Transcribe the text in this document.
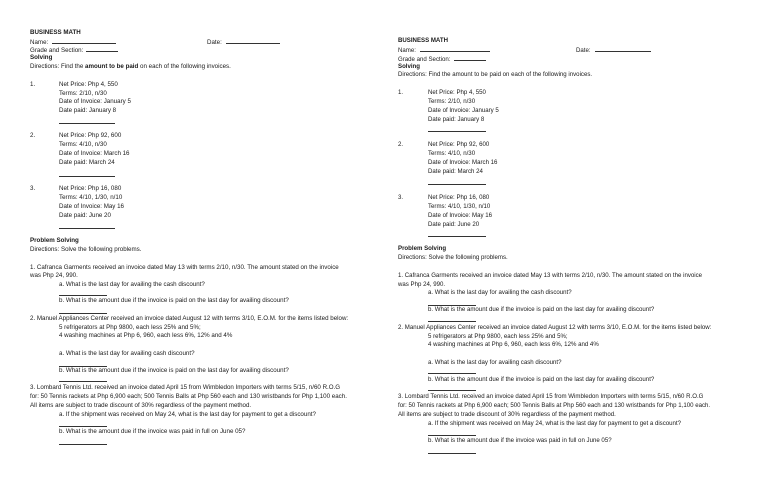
BUSINESS MATH
Name:	Date:
Grade and Section:
Solving
Directions: Find the amount to be paid on each of the following invoices.
1.	Net Price: Php 4, 550
Terms: 2/10, n/30
Date of Invoice: January 5
Date paid: January 8
2.	Net Price: Php 92, 600
Terms: 4/10, n/30
Date of Invoice: March 16
Date paid: March 24
3.	Net Price: Php 16, 080
Terms: 4/10, 1/30, n/10
Date of Invoice: May 16
Date paid: June 20
Problem Solving
Directions: Solve the following problems.
1. Cafranca Garments received an invoice dated May 13 with terms 2/10, n/30. The amount stated on the invoice
was Php 24, 990.
a. What is the last day for availing the cash discount?
b. What is the amount due if the invoice is paid on the last day for availing discount?
2. Manuel Appliances Center received an invoice dated August 12 with terms 3/10, E.O.M. for the items listed below:
5 refrigerators at Php 9800, each less 25% and 5%;
4 washing machines at Php 6, 960, each less 6%, 12% and 4%
a. What is the last day for availing cash discount?
b. What is the amount due if the invoice is paid on the last day for availing discount?
3. Lombard Tennis Ltd. received an invoice dated April 15 from Wimbledon Importers with terms 5/15, n/60 R.O.G
for: 50 Tennis rackets at Php 6,900 each; 500 Tennis Balls at Php 560 each and 130 wristbands for Php 1,100 each.
All items are subject to trade discount of 30% regardless of the payment method.
a. If the shipment was received on May 24, what is the last day for payment to get a discount?
b. What is the amount due if the invoice was paid in full on June 05?
BUSINESS MATH
Name:	Date:
Grade and Section:
Solving
Directions: Find the amount to be paid on each of the following invoices.
1.	Net Price: Php 4, 550
Terms: 2/10, n/30
Date of Invoice: January 5
Date paid: January 8
2.	Net Price: Php 92, 600
Terms: 4/10, n/30
Date of Invoice: March 16
Date paid: March 24
3.	Net Price: Php 16, 080
Terms: 4/10, 1/30, n/10
Date of Invoice: May 16
Date paid: June 20
Problem Solving
Directions: Solve the following problems.
1. Cafranca Garments received an invoice dated May 13 with terms 2/10, n/30. The amount stated on the invoice
was Php 24, 990.
a. What is the last day for availing the cash discount?
b. What is the amount due if the invoice is paid on the last day for availing discount?
2. Manuel Appliances Center received an invoice dated August 12 with terms 3/10, E.O.M. for the items listed below:
5 refrigerators at Php 9800, each less 25% and 5%;
4 washing machines at Php 6, 960, each less 6%, 12% and 4%
a. What is the last day for availing cash discount?
b. What is the amount due if the invoice is paid on the last day for availing discount?
3. Lombard Tennis Ltd. received an invoice dated April 15 from Wimbledon Importers with terms 5/15, n/60 R.O.G
for: 50 Tennis rackets at Php 6,900 each; 500 Tennis Balls at Php 560 each and 130 wristbands for Php 1,100 each.
All items are subject to trade discount of 30% regardless of the payment method.
a. If the shipment was received on May 24, what is the last day for payment to get a discount?
b. What is the amount due if the invoice was paid in full on June 05?
